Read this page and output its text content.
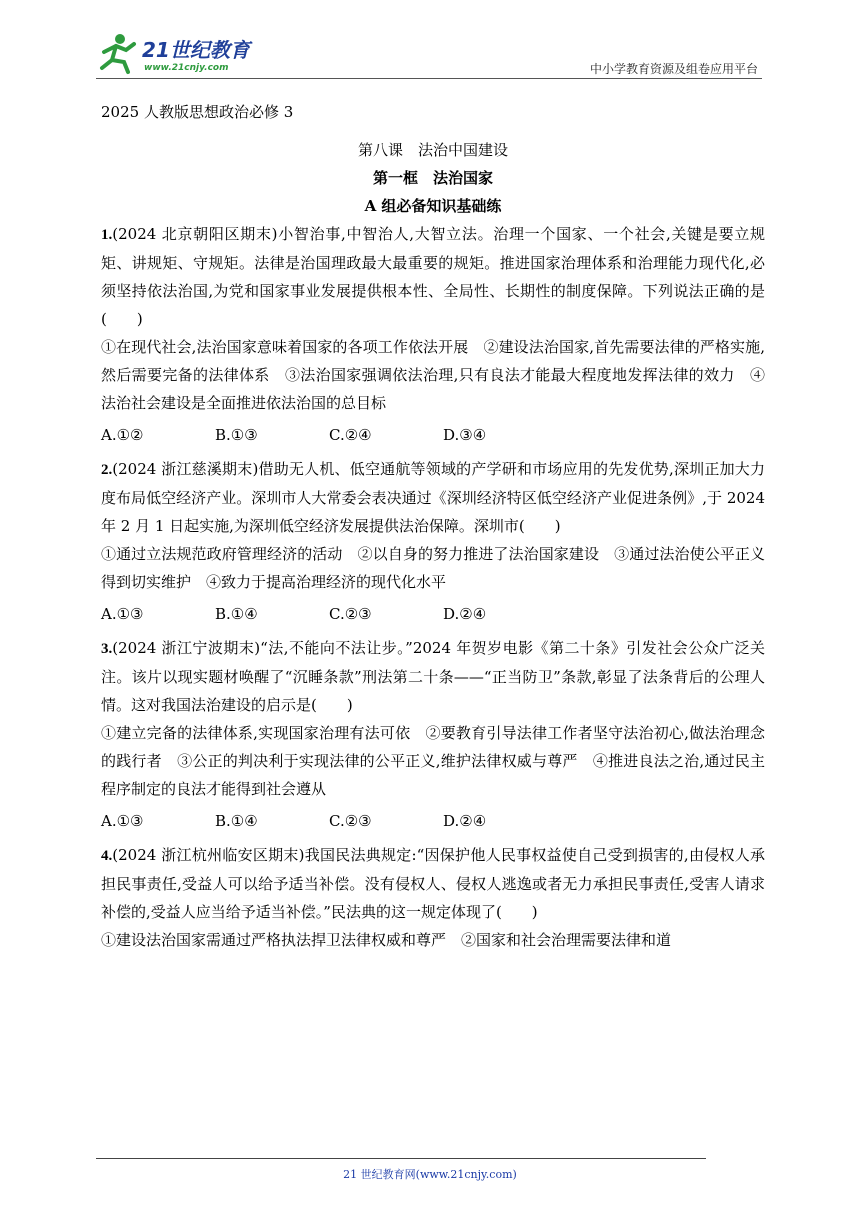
21世纪教育
www.21cnjy.com	中小学教育资源及组卷应用平台
2025 人教版思想政治必修 3
第八课　法治中国建设
第一框　法治国家
A 组必备知识基础练

1.(2024 北京朝阳区期末)小智治事,中智治人,大智立法。治理一个国家、一个社会,关键是要立规矩、讲规矩、守规矩。法律是治国理政最大最重要的规矩。推进国家治理体系和治理能力现代化,必须坚持依法治国,为党和国家事业发展提供根本性、全局性、长期性的制度保障。下列说法正确的是(　　)

①在现代社会,法治国家意味着国家的各项工作依法开展　②建设法治国家,首先需要法律的严格实施,然后需要完备的法律体系　③法治国家强调依法治理,只有良法才能最大程度地发挥法律的效力　④法治社会建设是全面推进依法治国的总目标

A.①②	B.①③	C.②④	D.③④

2.(2024 浙江慈溪期末)借助无人机、低空通航等领域的产学研和市场应用的先发优势,深圳正加大力度布局低空经济产业。深圳市人大常委会表决通过《深圳经济特区低空经济产业促进条例》,于 2024 年 2 月 1 日起实施,为深圳低空经济发展提供法治保障。深圳市(　　)

①通过立法规范政府管理经济的活动　②以自身的努力推进了法治国家建设　③通过法治使公平正义得到切实维护　④致力于提高治理经济的现代化水平

A.①③	B.①④	C.②③	D.②④

3.(2024 浙江宁波期末)“法,不能向不法让步。”2024 年贺岁电影《第二十条》引发社会公众广泛关注。该片以现实题材唤醒了“沉睡条款”刑法第二十条——“正当防卫”条款,彰显了法条背后的公理人情。这对我国法治建设的启示是(　　)

①建立完备的法律体系,实现国家治理有法可依　②要教育引导法律工作者坚守法治初心,做法治理念的践行者　③公正的判决利于实现法律的公平正义,维护法律权威与尊严　④推进良法之治,通过民主程序制定的良法才能得到社会遵从

A.①③	B.①④	C.②③	D.②④

4.(2024 浙江杭州临安区期末)我国民法典规定:“因保护他人民事权益使自己受到损害的,由侵权人承担民事责任,受益人可以给予适当补偿。没有侵权人、侵权人逃逸或者无力承担民事责任,受害人请求补偿的,受益人应当给予适当补偿。”民法典的这一规定体现了(　　)

①建设法治国家需通过严格执法捍卫法律权威和尊严　②国家和社会治理需要法律和道

21 世纪教育网(www.21cnjy.com)
